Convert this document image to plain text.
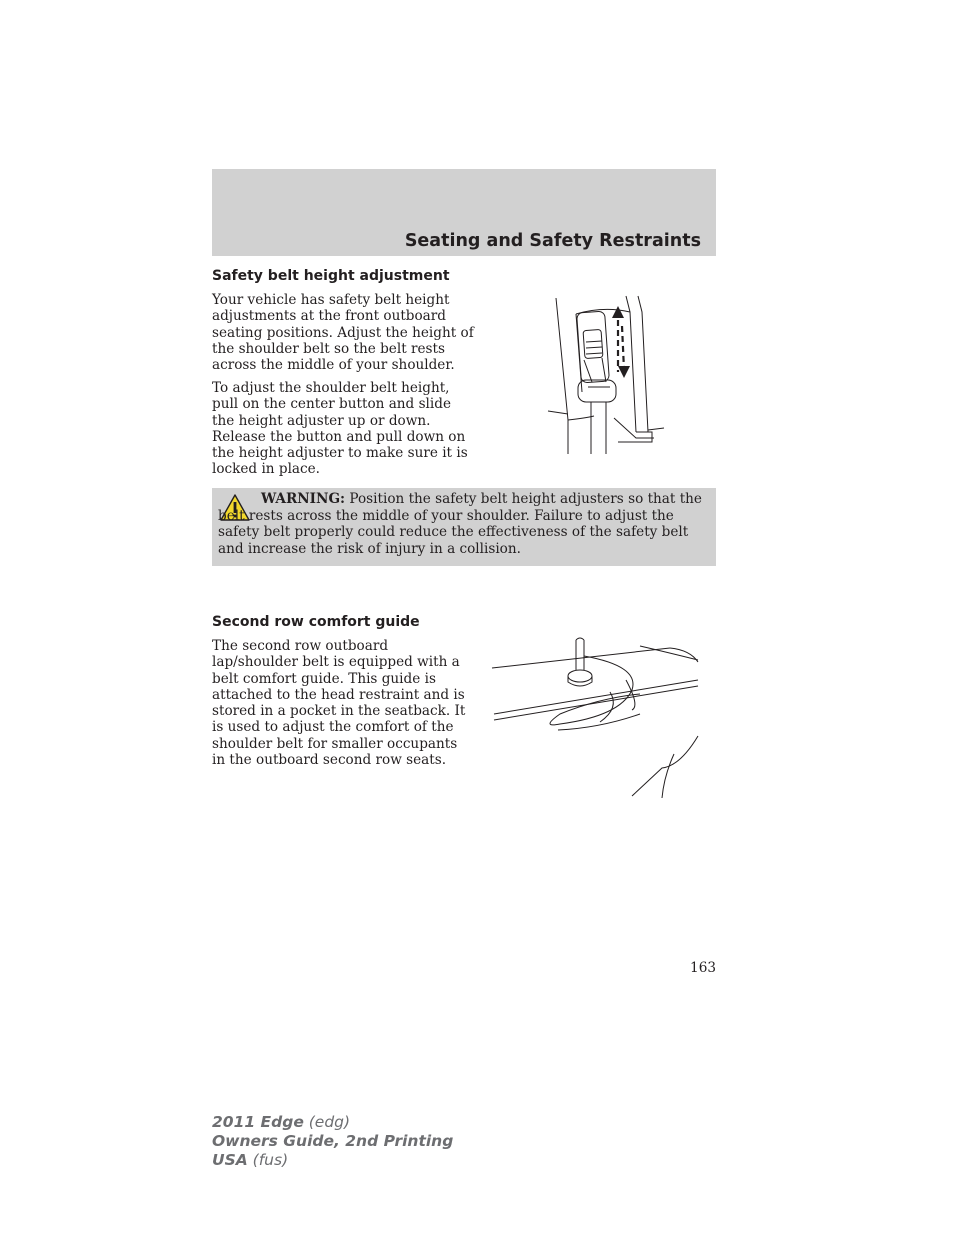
Seating and Safety Restraints
Safety belt height adjustment

Your vehicle has safety belt height adjustments at the front outboard seating positions. Adjust the height of the shoulder belt so the belt rests across the middle of your shoulder.

To adjust the shoulder belt height, pull on the center button and slide the height adjuster up or down. Release the button and pull down on the height adjuster to make sure it is locked in place.

WARNING: Position the safety belt height adjusters so that the belt rests across the middle of your shoulder. Failure to adjust the safety belt properly could reduce the effectiveness of the safety belt and increase the risk of injury in a collision.

Second row comfort guide

The second row outboard lap/shoulder belt is equipped with a belt comfort guide. This guide is attached to the head restraint and is stored in a pocket in the seatback. It is used to adjust the comfort of the shoulder belt for smaller occupants in the outboard second row seats.

163
2011 Edge (edg)
Owners Guide, 2nd Printing
USA (fus)
